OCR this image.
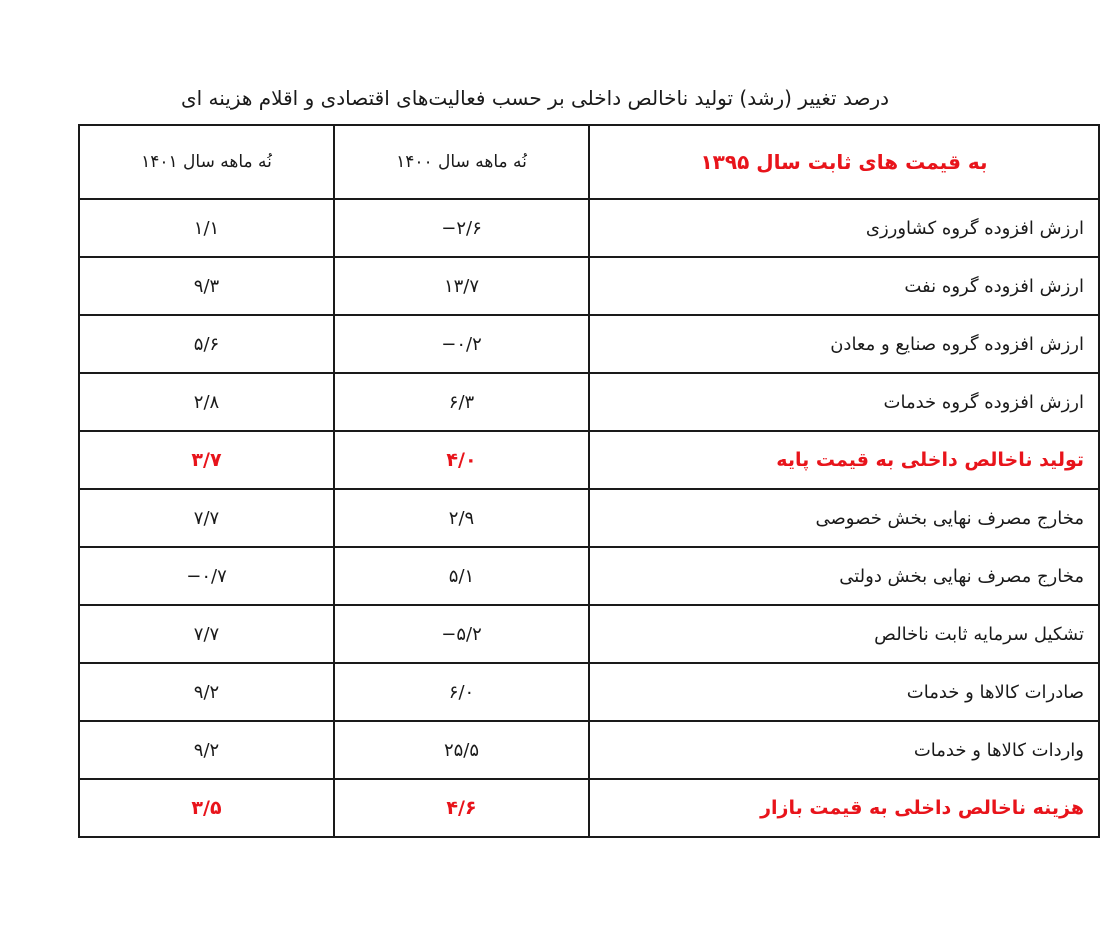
درصد تغییر (رشد) تولید ناخالص داخلی بر حسب فعالیت‌های اقتصادی و اقلام هزینه ای
به قیمت های ثابت سال ۱۳۹۵	نُه ماهه سال ۱۴۰۰	نُه ماهه سال ۱۴۰۱
ارزش افزوده گروه کشاورزی	−۲/۶	۱/۱
ارزش افزوده گروه نفت	۱۳/۷	۹/۳
ارزش افزوده گروه صنایع و معادن	−۰/۲	۵/۶
ارزش افزوده گروه خدمات	۶/۳	۲/۸
تولید ناخالص داخلی به قیمت پایه	۴/۰	۳/۷
مخارج مصرف نهایی بخش خصوصی	۲/۹	۷/۷
مخارج مصرف نهایی بخش دولتی	۵/۱	−۰/۷
تشکیل سرمایه ثابت ناخالص	−۵/۲	۷/۷
صادرات کالاها و خدمات	۶/۰	۹/۲
واردات کالاها و خدمات	۲۵/۵	۹/۲
هزینه ناخالص داخلی به قیمت بازار	۴/۶	۳/۵
